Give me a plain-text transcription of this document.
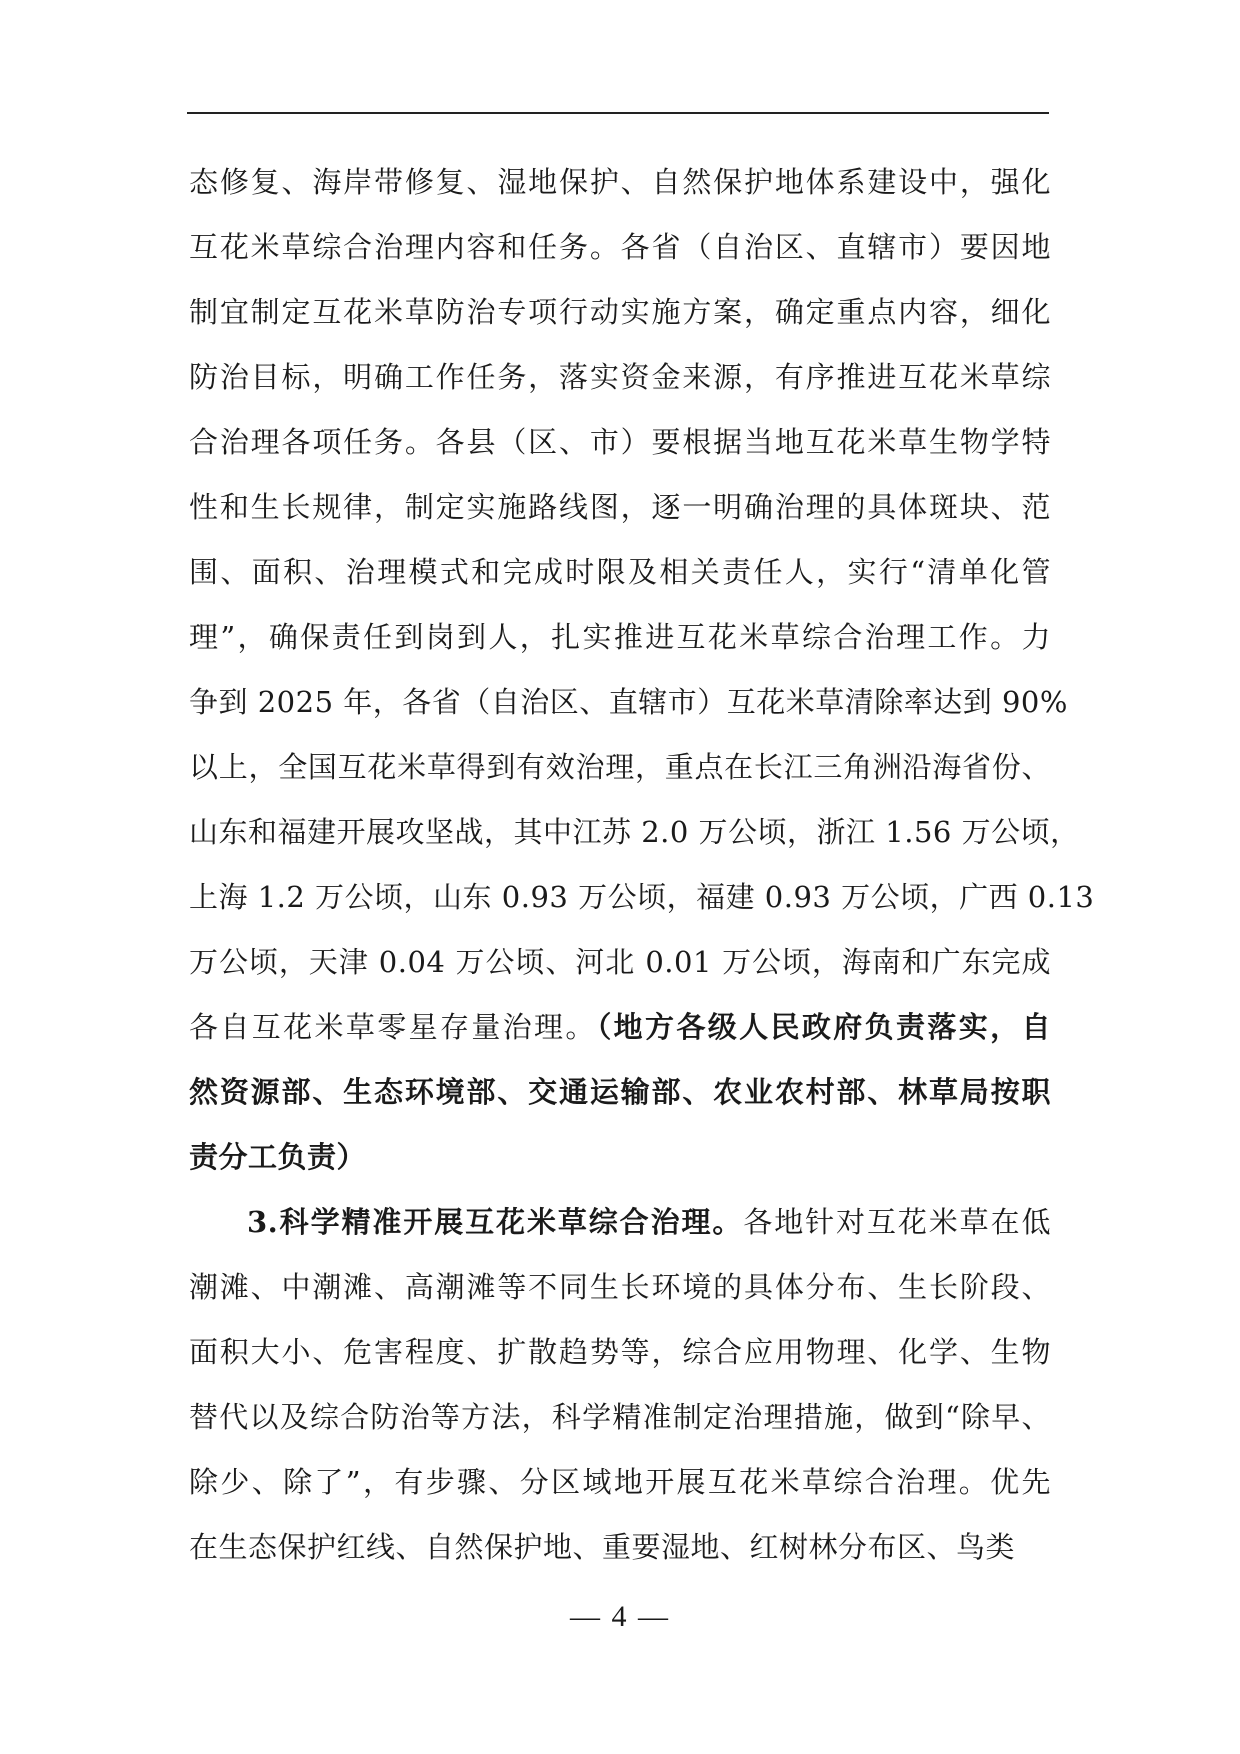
态修复、海岸带修复、湿地保护、自然保护地体系建设中，强化
互花米草综合治理内容和任务。各省（自治区、直辖市）要因地
制宜制定互花米草防治专项行动实施方案，确定重点内容，细化
防治目标，明确工作任务，落实资金来源，有序推进互花米草综
合治理各项任务。各县（区、市）要根据当地互花米草生物学特
性和生长规律，制定实施路线图，逐一明确治理的具体斑块、范
围、面积、治理模式和完成时限及相关责任人，实行“清单化管
理”，确保责任到岗到人，扎实推进互花米草综合治理工作。力
争到 2025 年，各省（自治区、直辖市）互花米草清除率达到 90%
以上，全国互花米草得到有效治理，重点在长江三角洲沿海省份、
山东和福建开展攻坚战，其中江苏 2.0 万公顷，浙江 1.56 万公顷，
上海 1.2 万公顷，山东 0.93 万公顷，福建 0.93 万公顷，广西 0.13
万公顷，天津 0.04 万公顷、河北 0.01 万公顷，海南和广东完成
各自互花米草零星存量治理。（地方各级人民政府负责落实，自
然资源部、生态环境部、交通运输部、农业农村部、林草局按职
责分工负责）
3.科学精准开展互花米草综合治理。各地针对互花米草在低
潮滩、中潮滩、高潮滩等不同生长环境的具体分布、生长阶段、
面积大小、危害程度、扩散趋势等，综合应用物理、化学、生物
替代以及综合防治等方法，科学精准制定治理措施，做到“除早、
除少、除了”，有步骤、分区域地开展互花米草综合治理。优先
在生态保护红线、自然保护地、重要湿地、红树林分布区、鸟类
— 4 —
